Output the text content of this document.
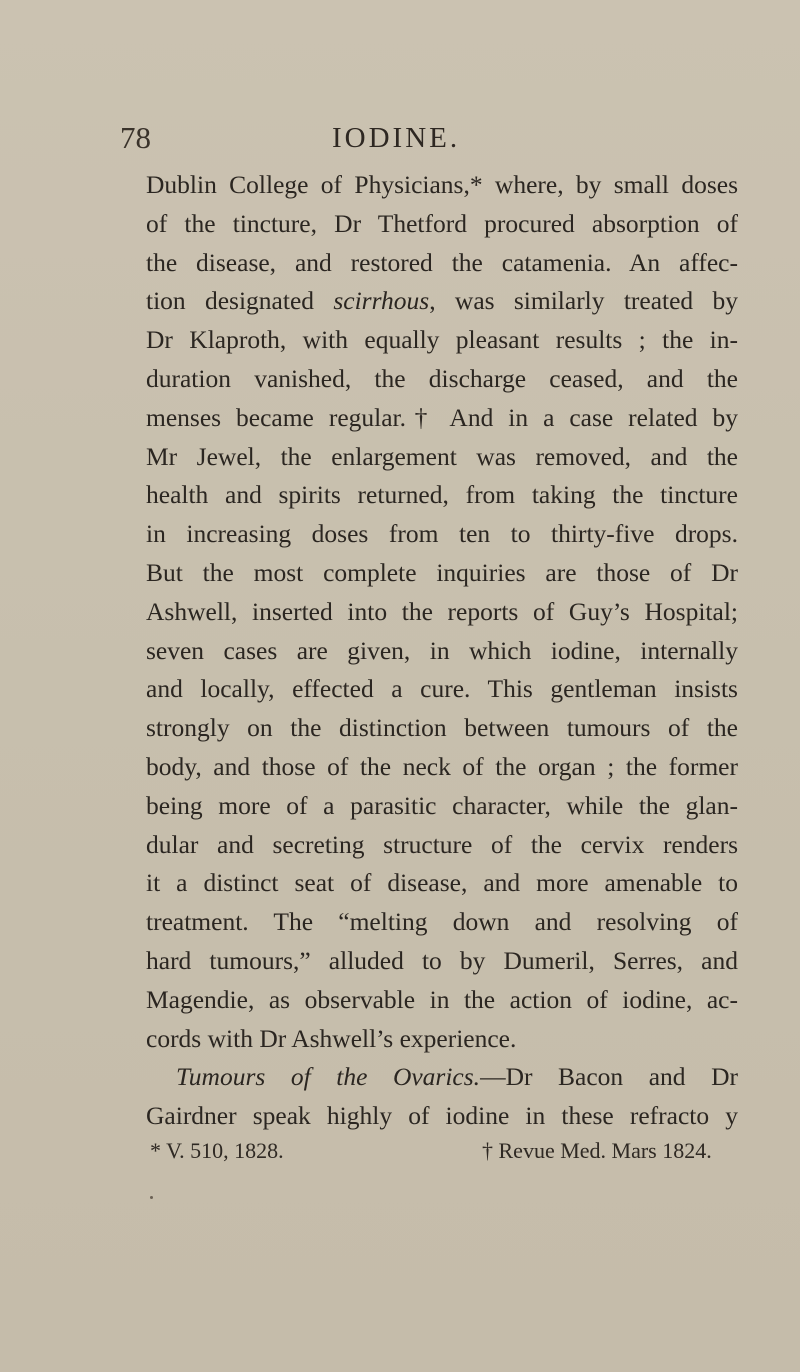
78	IODINE.
Dublin College of Physicians,* where, by small doses
of the tincture, Dr Thetford procured absorption of
the disease, and restored the catamenia. An affec-
tion designated scirrhous, was similarly treated by
Dr Klaproth, with equally pleasant results ; the in-
duration vanished, the discharge ceased, and the
menses became regular.† And in a case related by
Mr Jewel, the enlargement was removed, and the
health and spirits returned, from taking the tincture
in increasing doses from ten to thirty-five drops.
But the most complete inquiries are those of Dr
Ashwell, inserted into the reports of Guy’s Hospital;
seven cases are given, in which iodine, internally
and locally, effected a cure. This gentleman insists
strongly on the distinction between tumours of the
body, and those of the neck of the organ ; the former
being more of a parasitic character, while the glan-
dular and secreting structure of the cervix renders
it a distinct seat of disease, and more amenable to
treatment. The “melting down and resolving of
hard tumours,” alluded to by Dumeril, Serres, and
Magendie, as observable in the action of iodine, ac-
cords with Dr Ashwell’s experience.
Tumours of the Ovarics.—Dr Bacon and Dr
Gairdner speak highly of iodine in these refracto y
* V. 510, 1828.	† Revue Med. Mars 1824.
